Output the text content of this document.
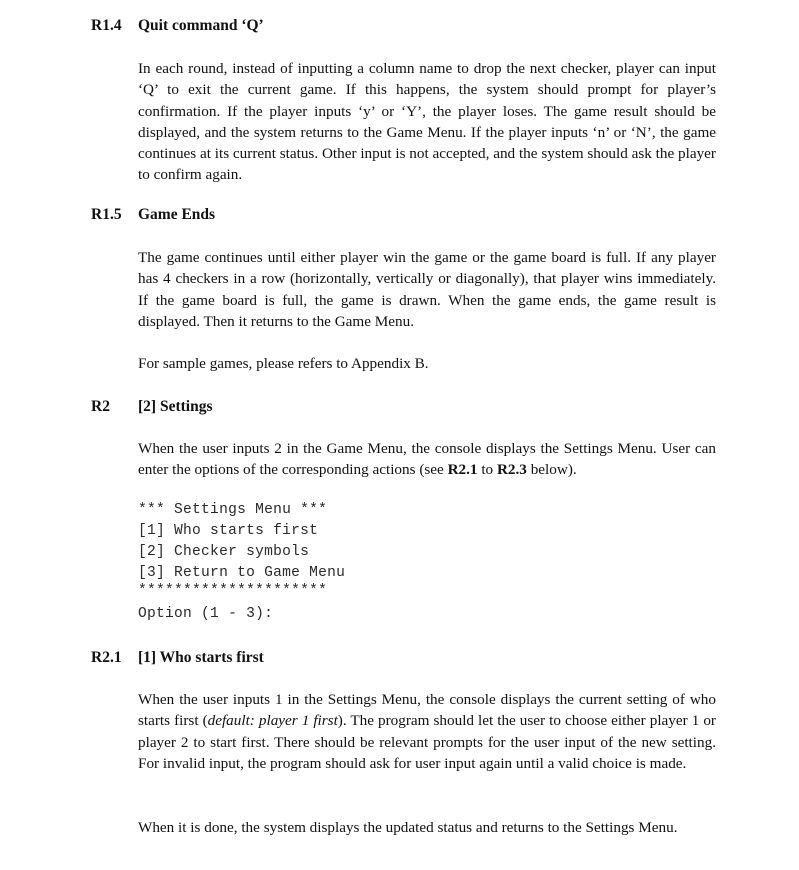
R1.4 Quit command ‘Q’
In each round, instead of inputting a column name to drop the next checker, player can input ‘Q’ to exit the current game. If this happens, the system should prompt for player’s confirmation. If the player inputs ‘y’ or ‘Y’, the player loses. The game result should be displayed, and the system returns to the Game Menu. If the player inputs ‘n’ or ‘N’, the game continues at its current status. Other input is not accepted, and the system should ask the player to confirm again.
R1.5 Game Ends
The game continues until either player win the game or the game board is full. If any player has 4 checkers in a row (horizontally, vertically or diagonally), that player wins immediately. If the game board is full, the game is drawn. When the game ends, the game result is displayed. Then it returns to the Game Menu.
For sample games, please refers to Appendix B.
R2 [2] Settings
When the user inputs 2 in the Game Menu, the console displays the Settings Menu. User can enter the options of the corresponding actions (see R2.1 to R2.3 below).
*** Settings Menu ***
[1] Who starts first
[2] Checker symbols
[3] Return to Game Menu
*********************
Option (1 - 3):
R2.1 [1] Who starts first
When the user inputs 1 in the Settings Menu, the console displays the current setting of who starts first (default: player 1 first). The program should let the user to choose either player 1 or player 2 to start first. There should be relevant prompts for the user input of the new setting. For invalid input, the program should ask for user input again until a valid choice is made.
When it is done, the system displays the updated status and returns to the Settings Menu.
